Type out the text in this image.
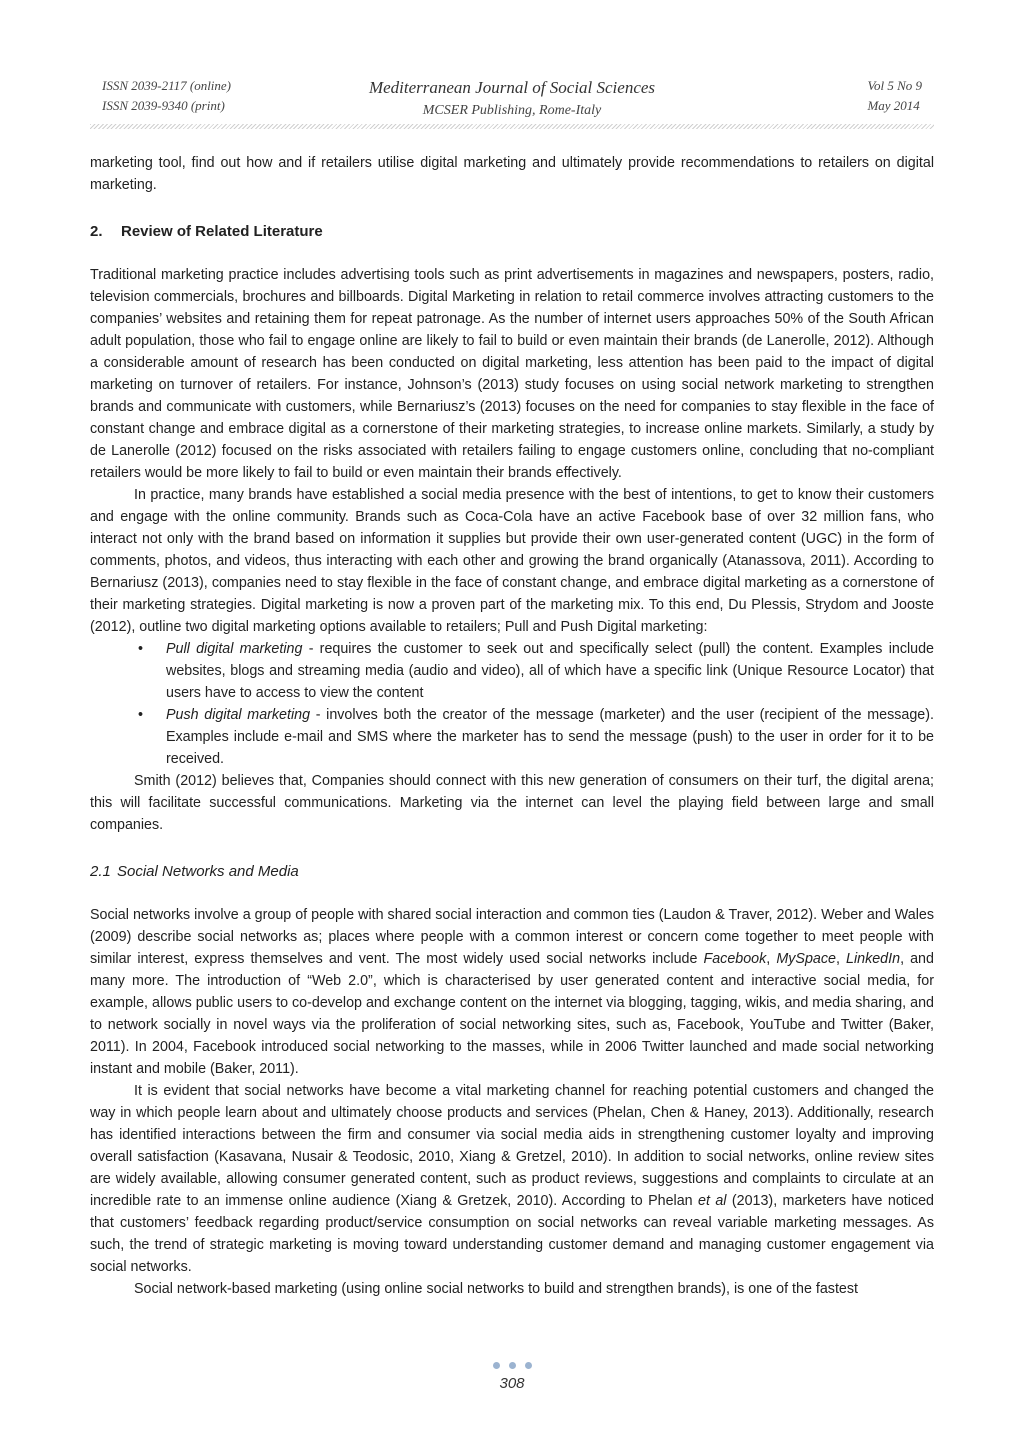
ISSN 2039-2117 (online)
ISSN 2039-9340 (print)
Mediterranean Journal of Social Sciences
MCSER Publishing, Rome-Italy
Vol 5 No 9
May 2014

marketing tool, find out how and if retailers utilise digital marketing and ultimately provide recommendations to retailers on digital marketing.

2. Review of Related Literature

Traditional marketing practice includes advertising tools such as print advertisements in magazines and newspapers, posters, radio, television commercials, brochures and billboards. Digital Marketing in relation to retail commerce involves attracting customers to the companies’ websites and retaining them for repeat patronage. As the number of internet users approaches 50% of the South African adult population, those who fail to engage online are likely to fail to build or even maintain their brands (de Lanerolle, 2012). Although a considerable amount of research has been conducted on digital marketing, less attention has been paid to the impact of digital marketing on turnover of retailers. For instance, Johnson’s (2013) study focuses on using social network marketing to strengthen brands and communicate with customers, while Bernariusz’s (2013) focuses on the need for companies to stay flexible in the face of constant change and embrace digital as a cornerstone of their marketing strategies, to increase online markets. Similarly, a study by de Lanerolle (2012) focused on the risks associated with retailers failing to engage customers online, concluding that no-compliant retailers would be more likely to fail to build or even maintain their brands effectively.

In practice, many brands have established a social media presence with the best of intentions, to get to know their customers and engage with the online community. Brands such as Coca-Cola have an active Facebook base of over 32 million fans, who interact not only with the brand based on information it supplies but provide their own user-generated content (UGC) in the form of comments, photos, and videos, thus interacting with each other and growing the brand organically (Atanassova, 2011). According to Bernariusz (2013), companies need to stay flexible in the face of constant change, and embrace digital marketing as a cornerstone of their marketing strategies. Digital marketing is now a proven part of the marketing mix. To this end, Du Plessis, Strydom and Jooste (2012), outline two digital marketing options available to retailers; Pull and Push Digital marketing:

• Pull digital marketing - requires the customer to seek out and specifically select (pull) the content. Examples include websites, blogs and streaming media (audio and video), all of which have a specific link (Unique Resource Locator) that users have to access to view the content
• Push digital marketing - involves both the creator of the message (marketer) and the user (recipient of the message). Examples include e-mail and SMS where the marketer has to send the message (push) to the user in order for it to be received.

Smith (2012) believes that, Companies should connect with this new generation of consumers on their turf, the digital arena; this will facilitate successful communications. Marketing via the internet can level the playing field between large and small companies.

2.1 Social Networks and Media

Social networks involve a group of people with shared social interaction and common ties (Laudon & Traver, 2012). Weber and Wales (2009) describe social networks as; places where people with a common interest or concern come together to meet people with similar interest, express themselves and vent. The most widely used social networks include Facebook, MySpace, LinkedIn, and many more. The introduction of “Web 2.0”, which is characterised by user generated content and interactive social media, for example, allows public users to co-develop and exchange content on the internet via blogging, tagging, wikis, and media sharing, and to network socially in novel ways via the proliferation of social networking sites, such as, Facebook, YouTube and Twitter (Baker, 2011). In 2004, Facebook introduced social networking to the masses, while in 2006 Twitter launched and made social networking instant and mobile (Baker, 2011).

It is evident that social networks have become a vital marketing channel for reaching potential customers and changed the way in which people learn about and ultimately choose products and services (Phelan, Chen & Haney, 2013). Additionally, research has identified interactions between the firm and consumer via social media aids in strengthening customer loyalty and improving overall satisfaction (Kasavana, Nusair & Teodosic, 2010, Xiang & Gretzel, 2010). In addition to social networks, online review sites are widely available, allowing consumer generated content, such as product reviews, suggestions and complaints to circulate at an incredible rate to an immense online audience (Xiang & Gretzek, 2010). According to Phelan et al (2013), marketers have noticed that customers’ feedback regarding product/service consumption on social networks can reveal variable marketing messages. As such, the trend of strategic marketing is moving toward understanding customer demand and managing customer engagement via social networks.

Social network-based marketing (using online social networks to build and strengthen brands), is one of the fastest

308
